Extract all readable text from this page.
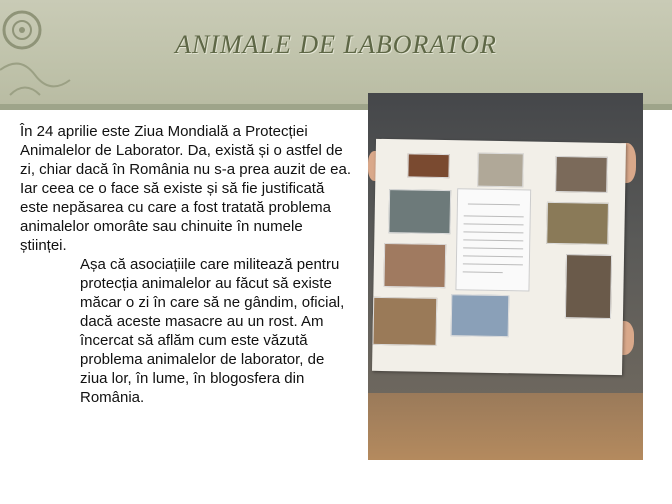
ANIMALE DE LABORATOR

În 24 aprilie este Ziua Mondială a Protecției Animalelor de Laborator. Da, există și o astfel de zi, chiar dacă în România nu s-a prea auzit de ea. Iar ceea ce o face să existe și să fie justificată este nepăsarea cu care a fost tratată problema animalelor omorâte sau chinuite în numele științei.

Așa că asociațiile care militează pentru protecția animalelor au făcut să existe măcar o zi în care să ne gândim, oficial, dacă aceste masacre au un rost. Am încercat să aflăm cum este văzută problema animalelor de laborator, de ziua lor, în lume, în blogosfera din România.
